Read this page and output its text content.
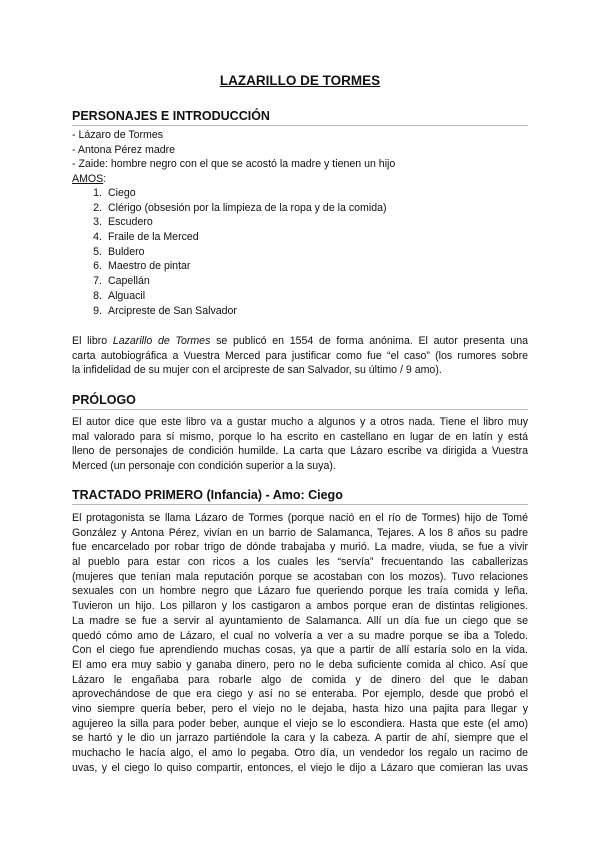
LAZARILLO DE TORMES
PERSONAJES E INTRODUCCIÓN
- Lázaro de Tormes
- Antona Pérez madre
- Zaide: hombre negro con el que se acostó la madre y tienen un hijo
AMOS:
1. Ciego
2. Clérigo (obsesión por la limpieza de la ropa y de la comida)
3. Escudero
4. Fraile de la Merced
5. Buldero
6. Maestro de pintar
7. Capellán
8. Alguacil
9. Arcipreste de San Salvador
El libro Lazarillo de Tormes se publicó en 1554 de forma anónima. El autor presenta una
carta autobiográfica a Vuestra Merced para justificar como fue “el caso” (los rumores sobre
la infidelidad de su mujer con el arcipreste de san Salvador, su último / 9 amo).
PRÓLOGO
El autor dice que este libro va a gustar mucho a algunos y a otros nada. Tiene el libro muy
mal valorado para sí mismo, porque lo ha escrito en castellano en lugar de en latín y está
lleno de personajes de condición humilde. La carta que Lázaro escribe va dirigida a Vuestra
Merced (un personaje con condición superior a la suya).
TRACTADO PRIMERO (Infancia) - Amo: Ciego
El protagonista se llama Lázaro de Tormes (porque nació en el río de Tormes) hijo de Tomé
González y Antona Pérez, vivían en un barrio de Salamanca, Tejares. A los 8 años su padre
fue encarcelado por robar trigo de dónde trabajaba y murió. La madre, viuda, se fue a vivir
al pueblo para estar con ricos a los cuales les “servía” frecuentando las caballerizas
(mujeres que tenían mala reputación porque se acostaban con los mozos). Tuvo relaciones
sexuales con un hombre negro que Lázaro fue queriendo porque les traía comida y leña.
Tuvieron un hijo. Los pillaron y los castigaron a ambos porque eran de distintas religiones.
La madre se fue a servir al ayuntamiento de Salamanca. Allí un día fue un ciego que se
quedó cómo amo de Lázaro, el cual no volvería a ver a su madre porque se iba a Toledo.
Con el ciego fue aprendiendo muchas cosas, ya que a partir de allí estaría solo en la vida.
El amo era muy sabio y ganaba dinero, pero no le deba suficiente comida al chico. Así que
Lázaro le engañaba para robarle algo de comida y de dinero del que le daban
aprovechándose de que era ciego y así no se enteraba. Por ejemplo, desde que probó el
vino siempre quería beber, pero el viejo no le dejaba, hasta hizo una pajita para llegar y
agujereo la silla para poder beber, aunque el viejo se lo escondiera. Hasta que este (el amo)
se hartó y le dio un jarrazo partiéndole la cara y la cabeza. A partir de ahí, siempre que el
muchacho le hacía algo, el amo lo pegaba. Otro día, un vendedor los regalo un racimo de
uvas, y el ciego lo quiso compartir, entonces, el viejo le dijo a Lázaro que comieran las uvas
